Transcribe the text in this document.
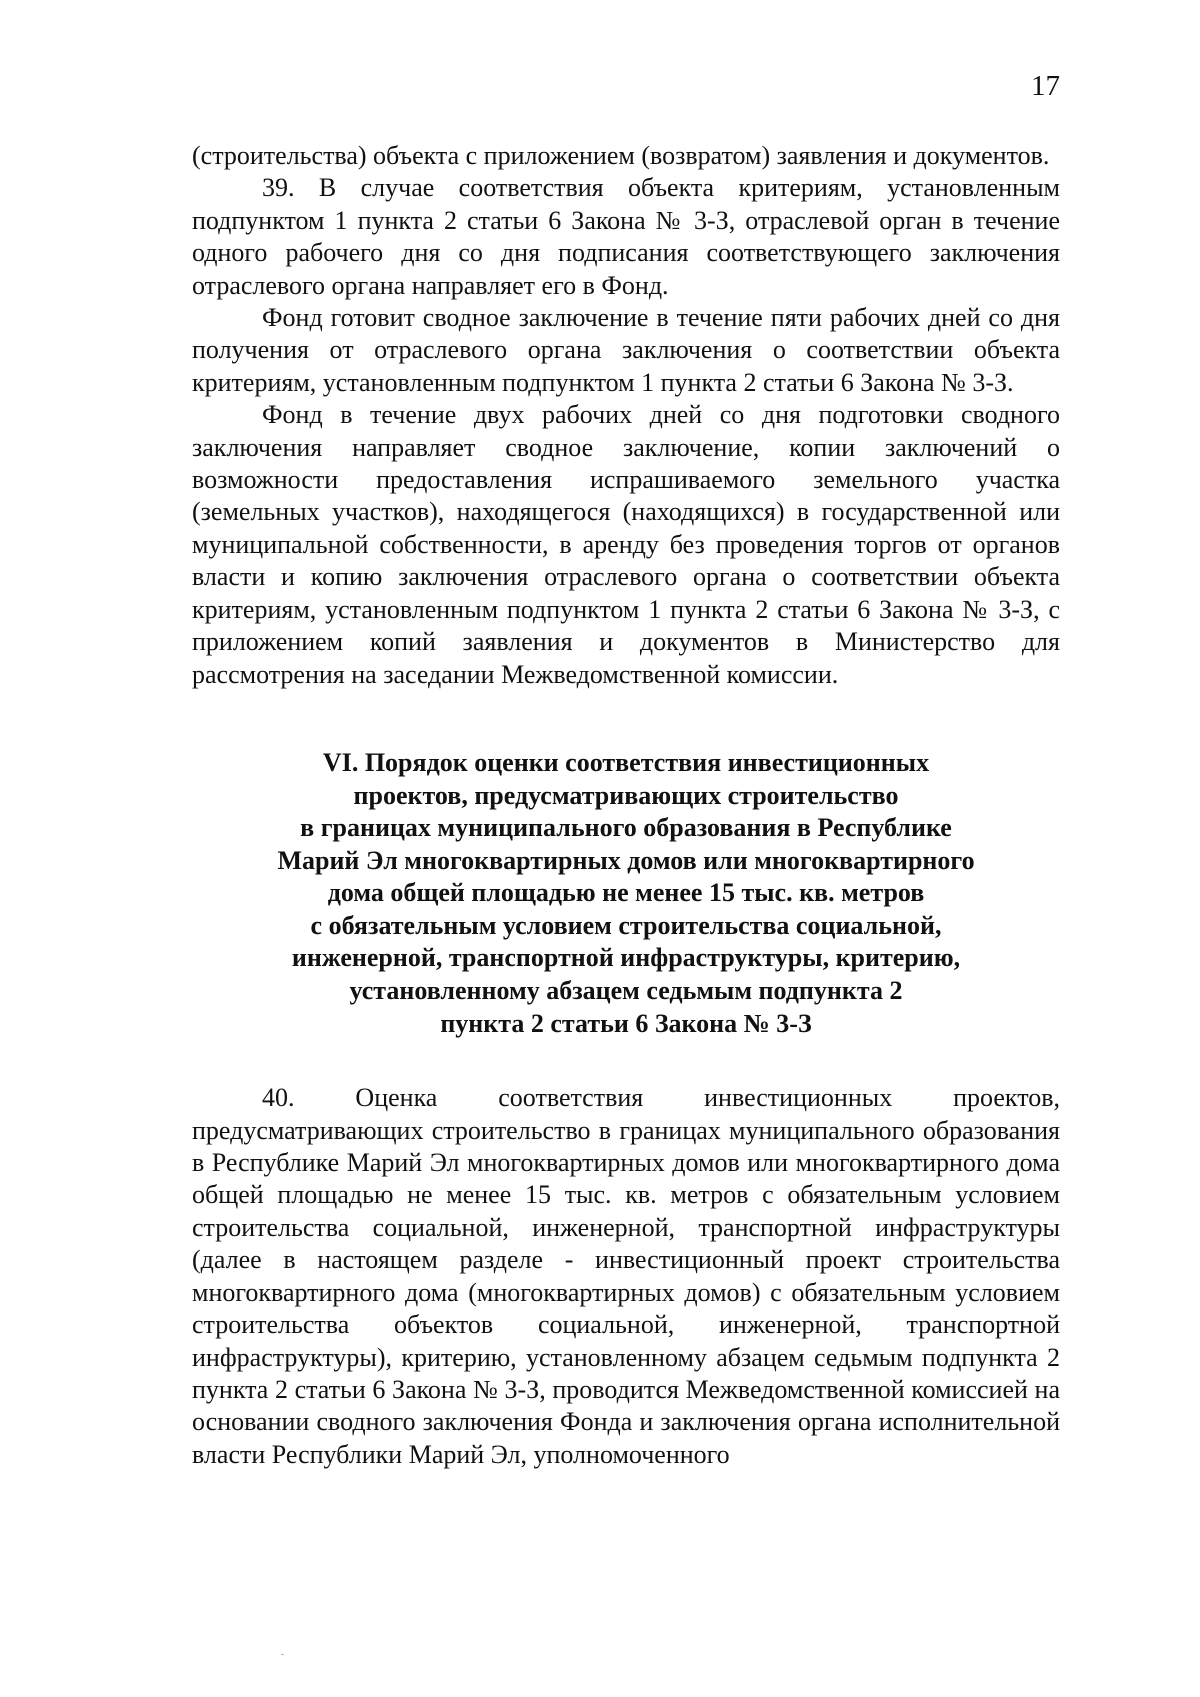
17

(строительства) объекта с приложением (возвратом) заявления и документов.

39. В случае соответствия объекта критериям, установленным подпунктом 1 пункта 2 статьи 6 Закона № 3-З, отраслевой орган в течение одного рабочего дня со дня подписания соответствующего заключения отраслевого органа направляет его в Фонд.

Фонд готовит сводное заключение в течение пяти рабочих дней со дня получения от отраслевого органа заключения о соответствии объекта критериям, установленным подпунктом 1 пункта 2 статьи 6 Закона № 3-З.

Фонд в течение двух рабочих дней со дня подготовки сводного заключения направляет сводное заключение, копии заключений о возможности предоставления испрашиваемого земельного участка (земельных участков), находящегося (находящихся) в государственной или муниципальной собственности, в аренду без проведения торгов от органов власти и копию заключения отраслевого органа о соответствии объекта критериям, установленным подпунктом 1 пункта 2 статьи 6 Закона № 3-З, с приложением копий заявления и документов в Министерство для рассмотрения на заседании Межведомственной комиссии.

VI. Порядок оценки соответствия инвестиционных
проектов, предусматривающих строительство
в границах муниципального образования в Республике
Марий Эл многоквартирных домов или многоквартирного
дома общей площадью не менее 15 тыс. кв. метров
с обязательным условием строительства социальной,
инженерной, транспортной инфраструктуры, критерию,
установленному абзацем седьмым подпункта 2
пункта 2 статьи 6 Закона № 3-З

40. Оценка соответствия инвестиционных проектов, предусматривающих строительство в границах муниципального образования в Республике Марий Эл многоквартирных домов или многоквартирного дома общей площадью не менее 15 тыс. кв. метров с обязательным условием строительства социальной, инженерной, транспортной инфраструктуры (далее в настоящем разделе - инвестиционный проект строительства многоквартирного дома (многоквартирных домов) с обязательным условием строительства объектов социальной, инженерной, транспортной инфраструктуры), критерию, установленному абзацем седьмым подпункта 2 пункта 2 статьи 6 Закона № 3-З, проводится Межведомственной комиссией на основании сводного заключения Фонда и заключения органа исполнительной власти Республики Марий Эл, уполномоченного
